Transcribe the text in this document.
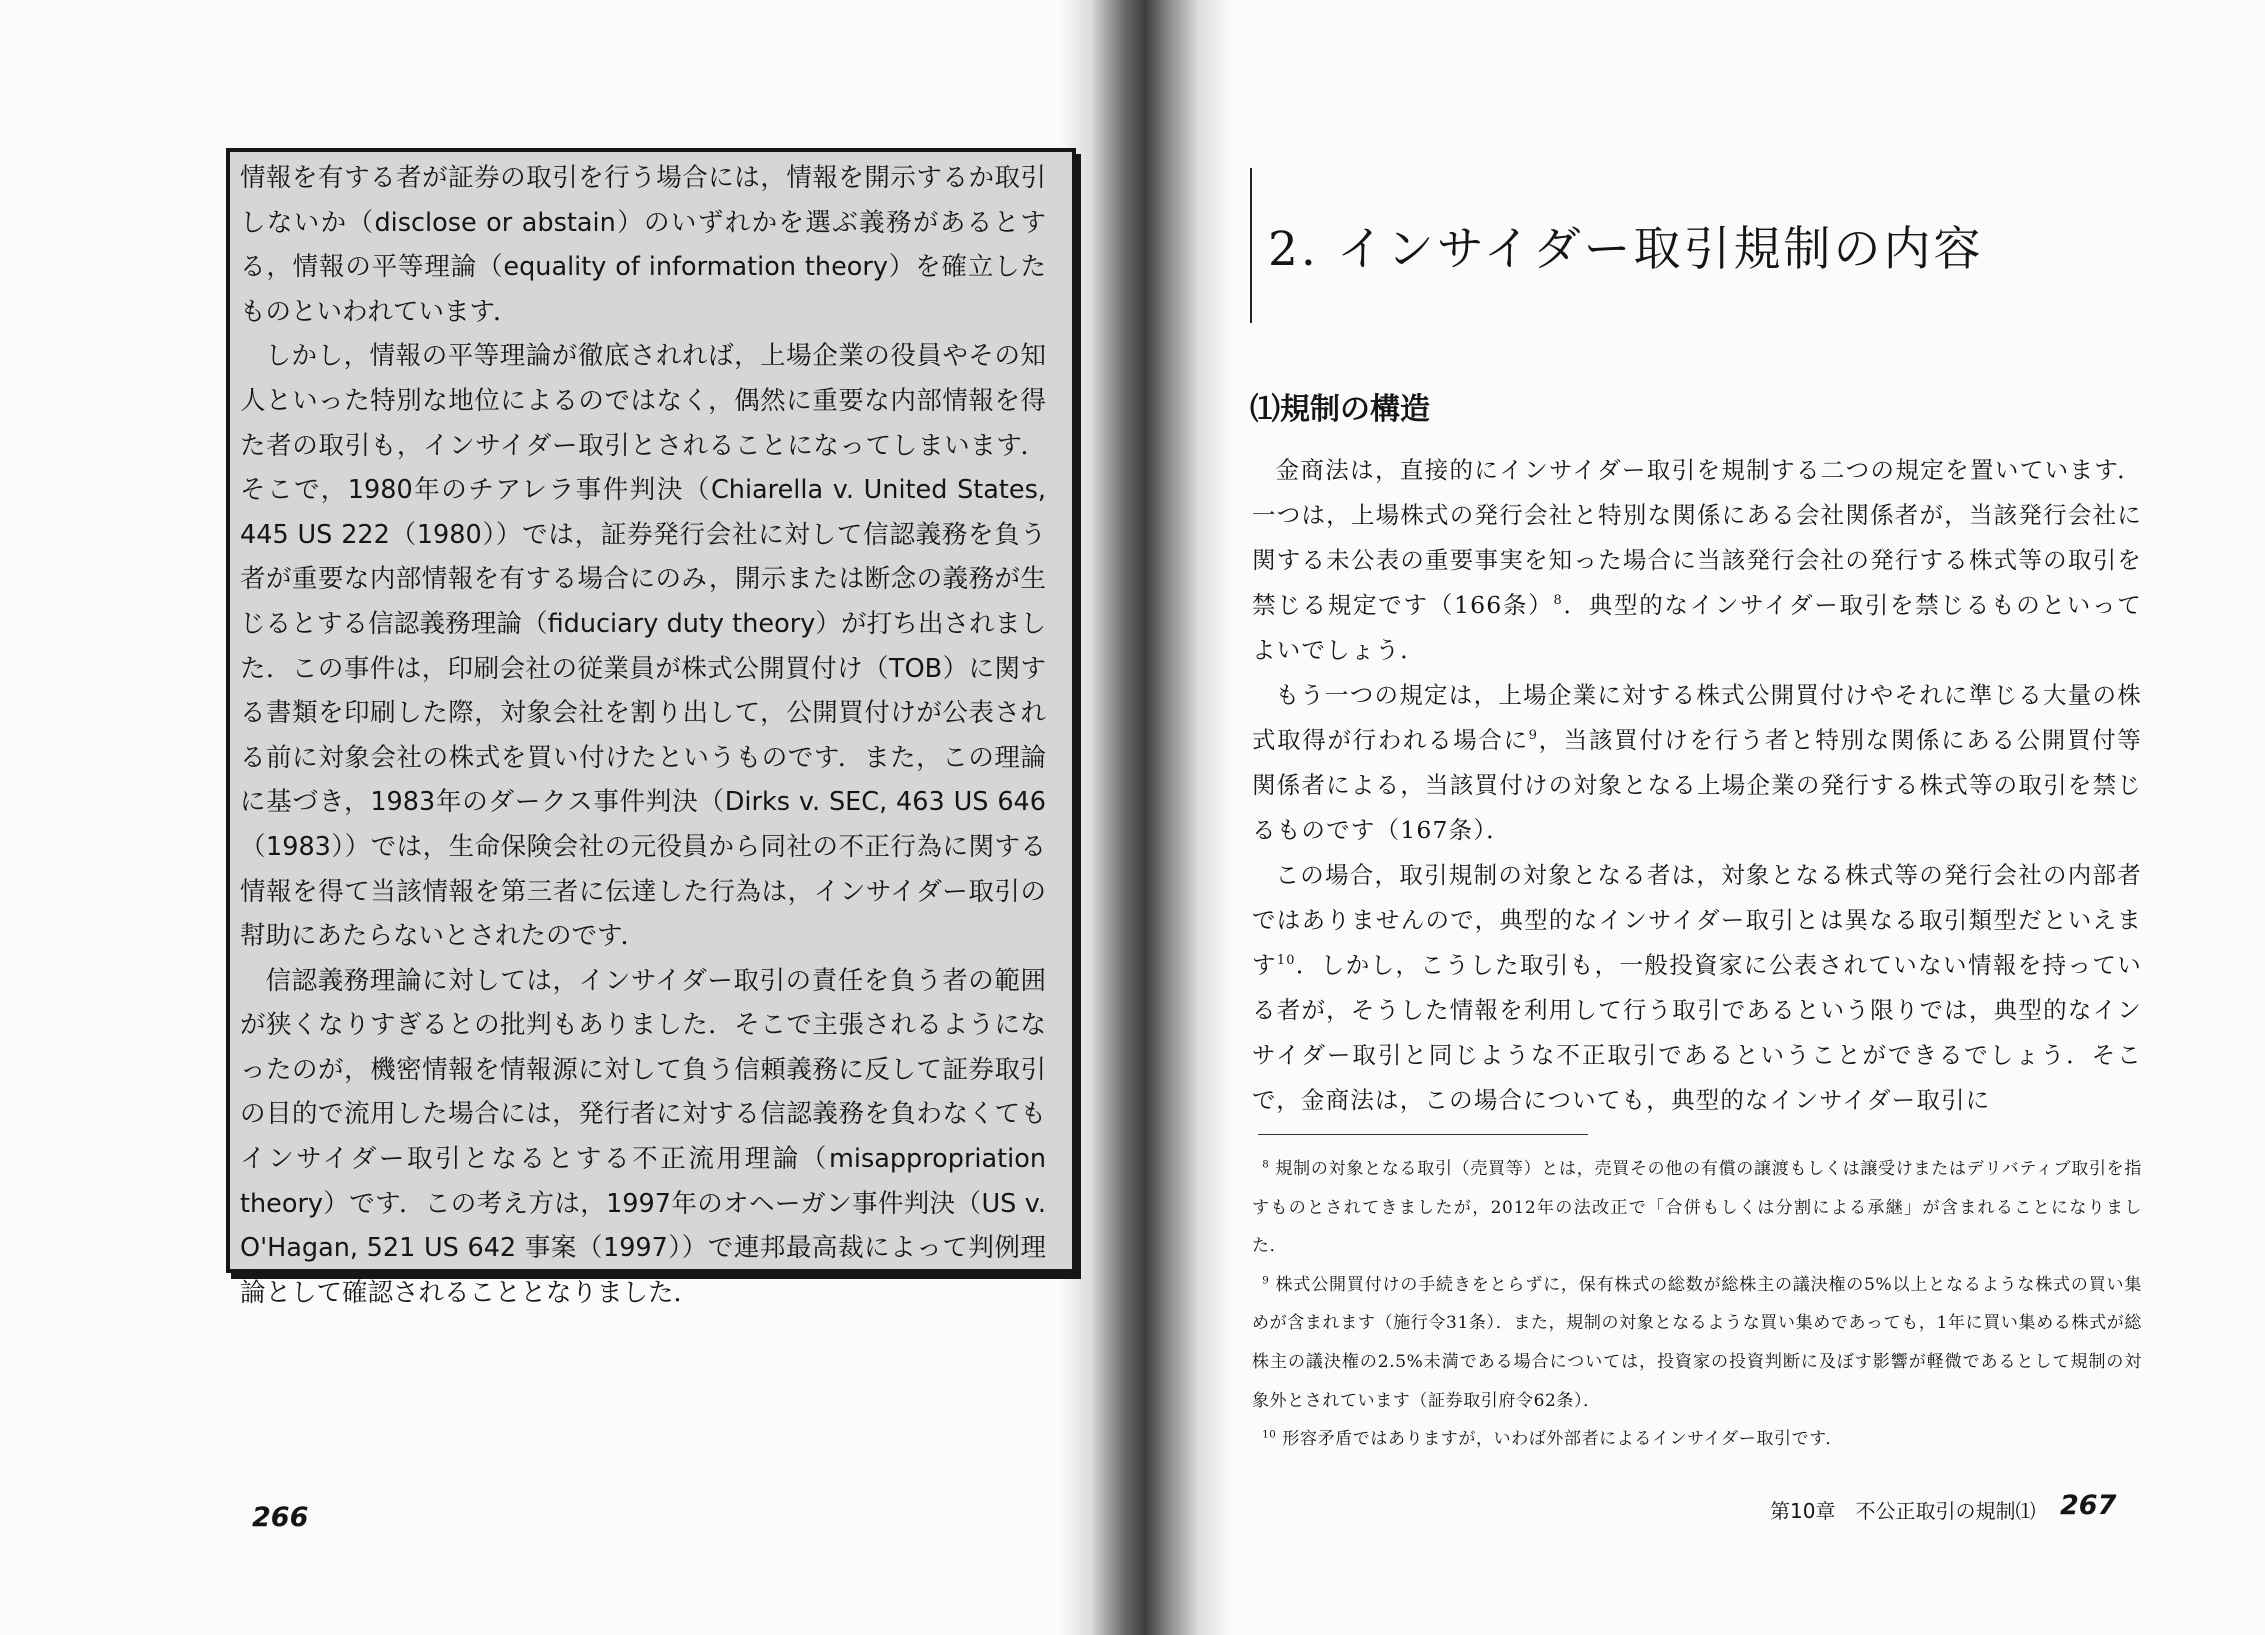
情報を有する者が証券の取引を行う場合には，情報を開示するか取引しないか（disclose or abstain）のいずれかを選ぶ義務があるとする，情報の平等理論（equality of information theory）を確立したものといわれています．

しかし，情報の平等理論が徹底されれば，上場企業の役員やその知人といった特別な地位によるのではなく，偶然に重要な内部情報を得た者の取引も，インサイダー取引とされることになってしまいます．そこで，1980年のチアレラ事件判決（Chiarella v. United States, 445 US 222（1980））では，証券発行会社に対して信認義務を負う者が重要な内部情報を有する場合にのみ，開示または断念の義務が生じるとする信認義務理論（fiduciary duty theory）が打ち出されました．この事件は，印刷会社の従業員が株式公開買付け（TOB）に関する書類を印刷した際，対象会社を割り出して，公開買付けが公表される前に対象会社の株式を買い付けたというものです．また，この理論に基づき，1983年のダークス事件判決（Dirks v. SEC, 463 US 646（1983））では，生命保険会社の元役員から同社の不正行為に関する情報を得て当該情報を第三者に伝達した行為は，インサイダー取引の幇助にあたらないとされたのです．

信認義務理論に対しては，インサイダー取引の責任を負う者の範囲が狭くなりすぎるとの批判もありました．そこで主張されるようになったのが，機密情報を情報源に対して負う信頼義務に反して証券取引の目的で流用した場合には，発行者に対する信認義務を負わなくてもインサイダー取引となるとする不正流用理論（misappropriation theory）です．この考え方は，1997年のオヘーガン事件判決（US v. O'Hagan, 521 US 642 事案（1997））で連邦最高裁によって判例理論として確認されることとなりました．

266
2. インサイダー取引規制の内容
⑴規制の構造

金商法は，直接的にインサイダー取引を規制する二つの規定を置いています．一つは，上場株式の発行会社と特別な関係にある会社関係者が，当該発行会社に関する未公表の重要事実を知った場合に当該発行会社の発行する株式等の取引を禁じる規定です（166条）$^8$．典型的なインサイダー取引を禁じるものといってよいでしょう．

もう一つの規定は，上場企業に対する株式公開買付けやそれに準じる大量の株式取得が行われる場合に$^9$，当該買付けを行う者と特別な関係にある公開買付等関係者による，当該買付けの対象となる上場企業の発行する株式等の取引を禁じるものです（167条）．

この場合，取引規制の対象となる者は，対象となる株式等の発行会社の内部者ではありませんので，典型的なインサイダー取引とは異なる取引類型だといえます$^{10}$．しかし，こうした取引も，一般投資家に公表されていない情報を持っている者が，そうした情報を利用して行う取引であるという限りでは，典型的なインサイダー取引と同じような不正取引であるということができるでしょう．そこで，金商法は，この場合についても，典型的なインサイダー取引に

$^8$ 規制の対象となる取引（売買等）とは，売買その他の有償の譲渡もしくは譲受けまたはデリバティブ取引を指すものとされてきましたが，2012年の法改正で「合併もしくは分割による承継」が含まれることになりました．

$^9$ 株式公開買付けの手続きをとらずに，保有株式の総数が総株主の議決権の5%以上となるような株式の買い集めが含まれます（施行令31条）．また，規制の対象となるような買い集めであっても，1年に買い集める株式が総株主の議決権の2.5%未満である場合については，投資家の投資判断に及ぼす影響が軽微であるとして規制の対象外とされています（証券取引府令62条）．

$^{10}$ 形容矛盾ではありますが，いわば外部者によるインサイダー取引です．

第10章　不公正取引の規制⑴ 267
